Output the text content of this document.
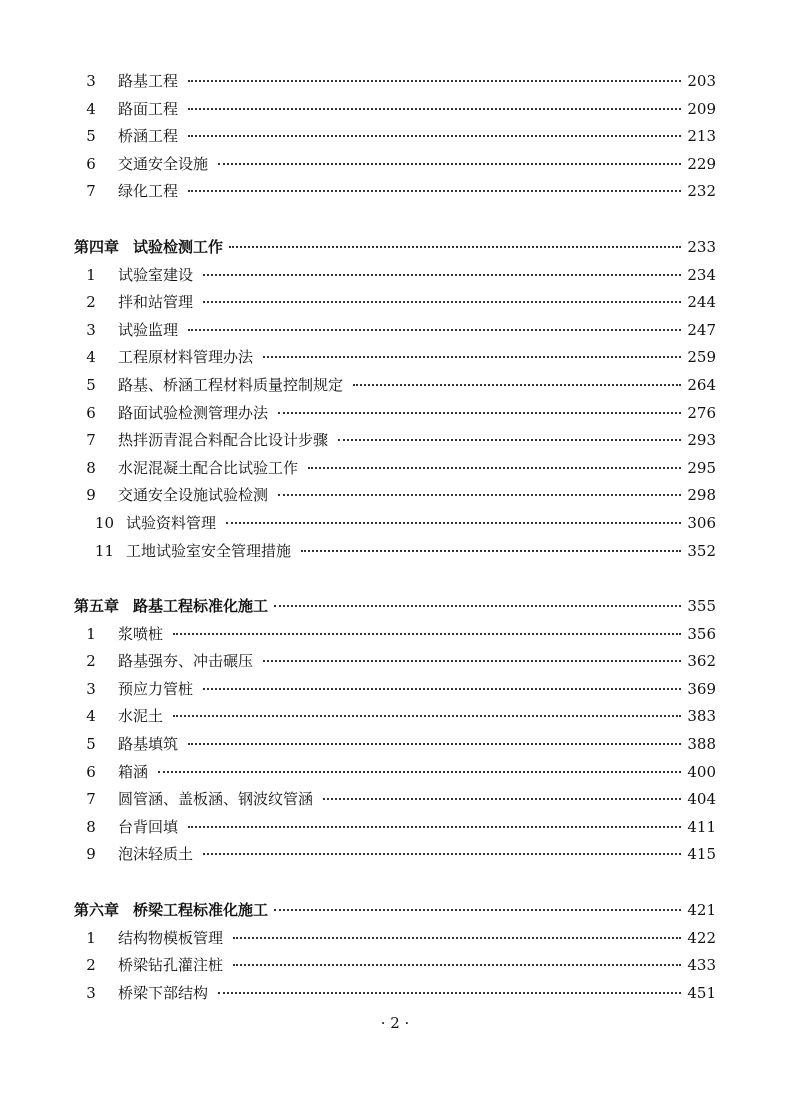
3	路基工程	203
4	路面工程	209
5	桥涵工程	213
6	交通安全设施	229
7	绿化工程	232
第四章 试验检测工作	233
1	试验室建设	234
2	拌和站管理	244
3	试验监理	247
4	工程原材料管理办法	259
5	路基、桥涵工程材料质量控制规定	264
6	路面试验检测管理办法	276
7	热拌沥青混合料配合比设计步骤	293
8	水泥混凝土配合比试验工作	295
9	交通安全设施试验检测	298
10 试验资料管理	306
11 工地试验室安全管理措施	352
第五章 路基工程标准化施工	355
1	浆喷桩	356
2	路基强夯、冲击碾压	362
3	预应力管桩	369
4	水泥土	383
5	路基填筑	388
6	箱涵	400
7	圆管涵、盖板涵、钢波纹管涵	404
8	台背回填	411
9	泡沫轻质土	415
第六章 桥梁工程标准化施工	421
1	结构物模板管理	422
2	桥梁钻孔灌注桩	433
3	桥梁下部结构	451
· 2 ·
